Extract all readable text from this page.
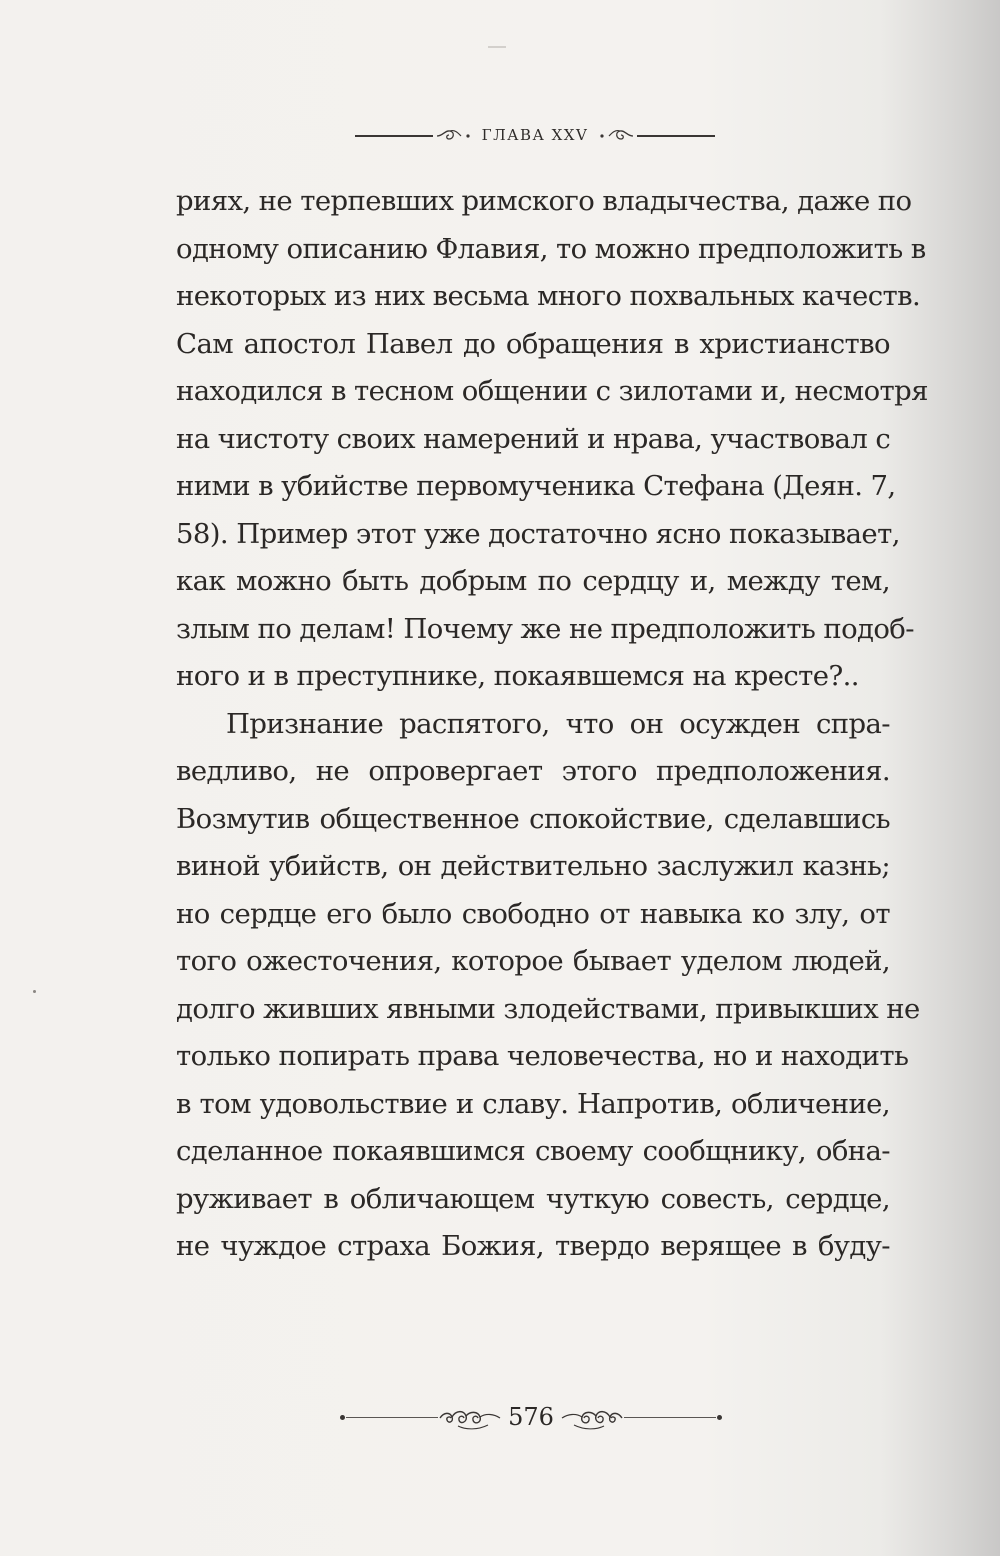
ГЛАВА XXV
риях, не терпевших римского владычества, даже по
одному описанию Флавия, то можно предположить в
некоторых из них весьма много похвальных качеств.
Сам апостол Павел до обращения в христианство
находился в тесном общении с зилотами и, несмотря
на чистоту своих намерений и нрава, участвовал с
ними в убийстве первомученика Стефана (Деян. 7,
58). Пример этот уже достаточно ясно показывает,
как можно быть добрым по сердцу и, между тем,
злым по делам! Почему же не предположить подоб-
ного и в преступнике, покаявшемся на кресте?..
Признание распятого, что он осужден спра-
ведливо, не опровергает этого предположения.
Возмутив общественное спокойствие, сделавшись
виной убийств, он действительно заслужил казнь;
но сердце его было свободно от навыка ко злу, от
того ожесточения, которое бывает уделом людей,
долго живших явными злодействами, привыкших не
только попирать права человечества, но и находить
в том удовольствие и славу. Напротив, обличение,
сделанное покаявшимся своему сообщнику, обна-
руживает в обличающем чуткую совесть, сердце,
не чуждое страха Божия, твердо верящее в буду-
576
